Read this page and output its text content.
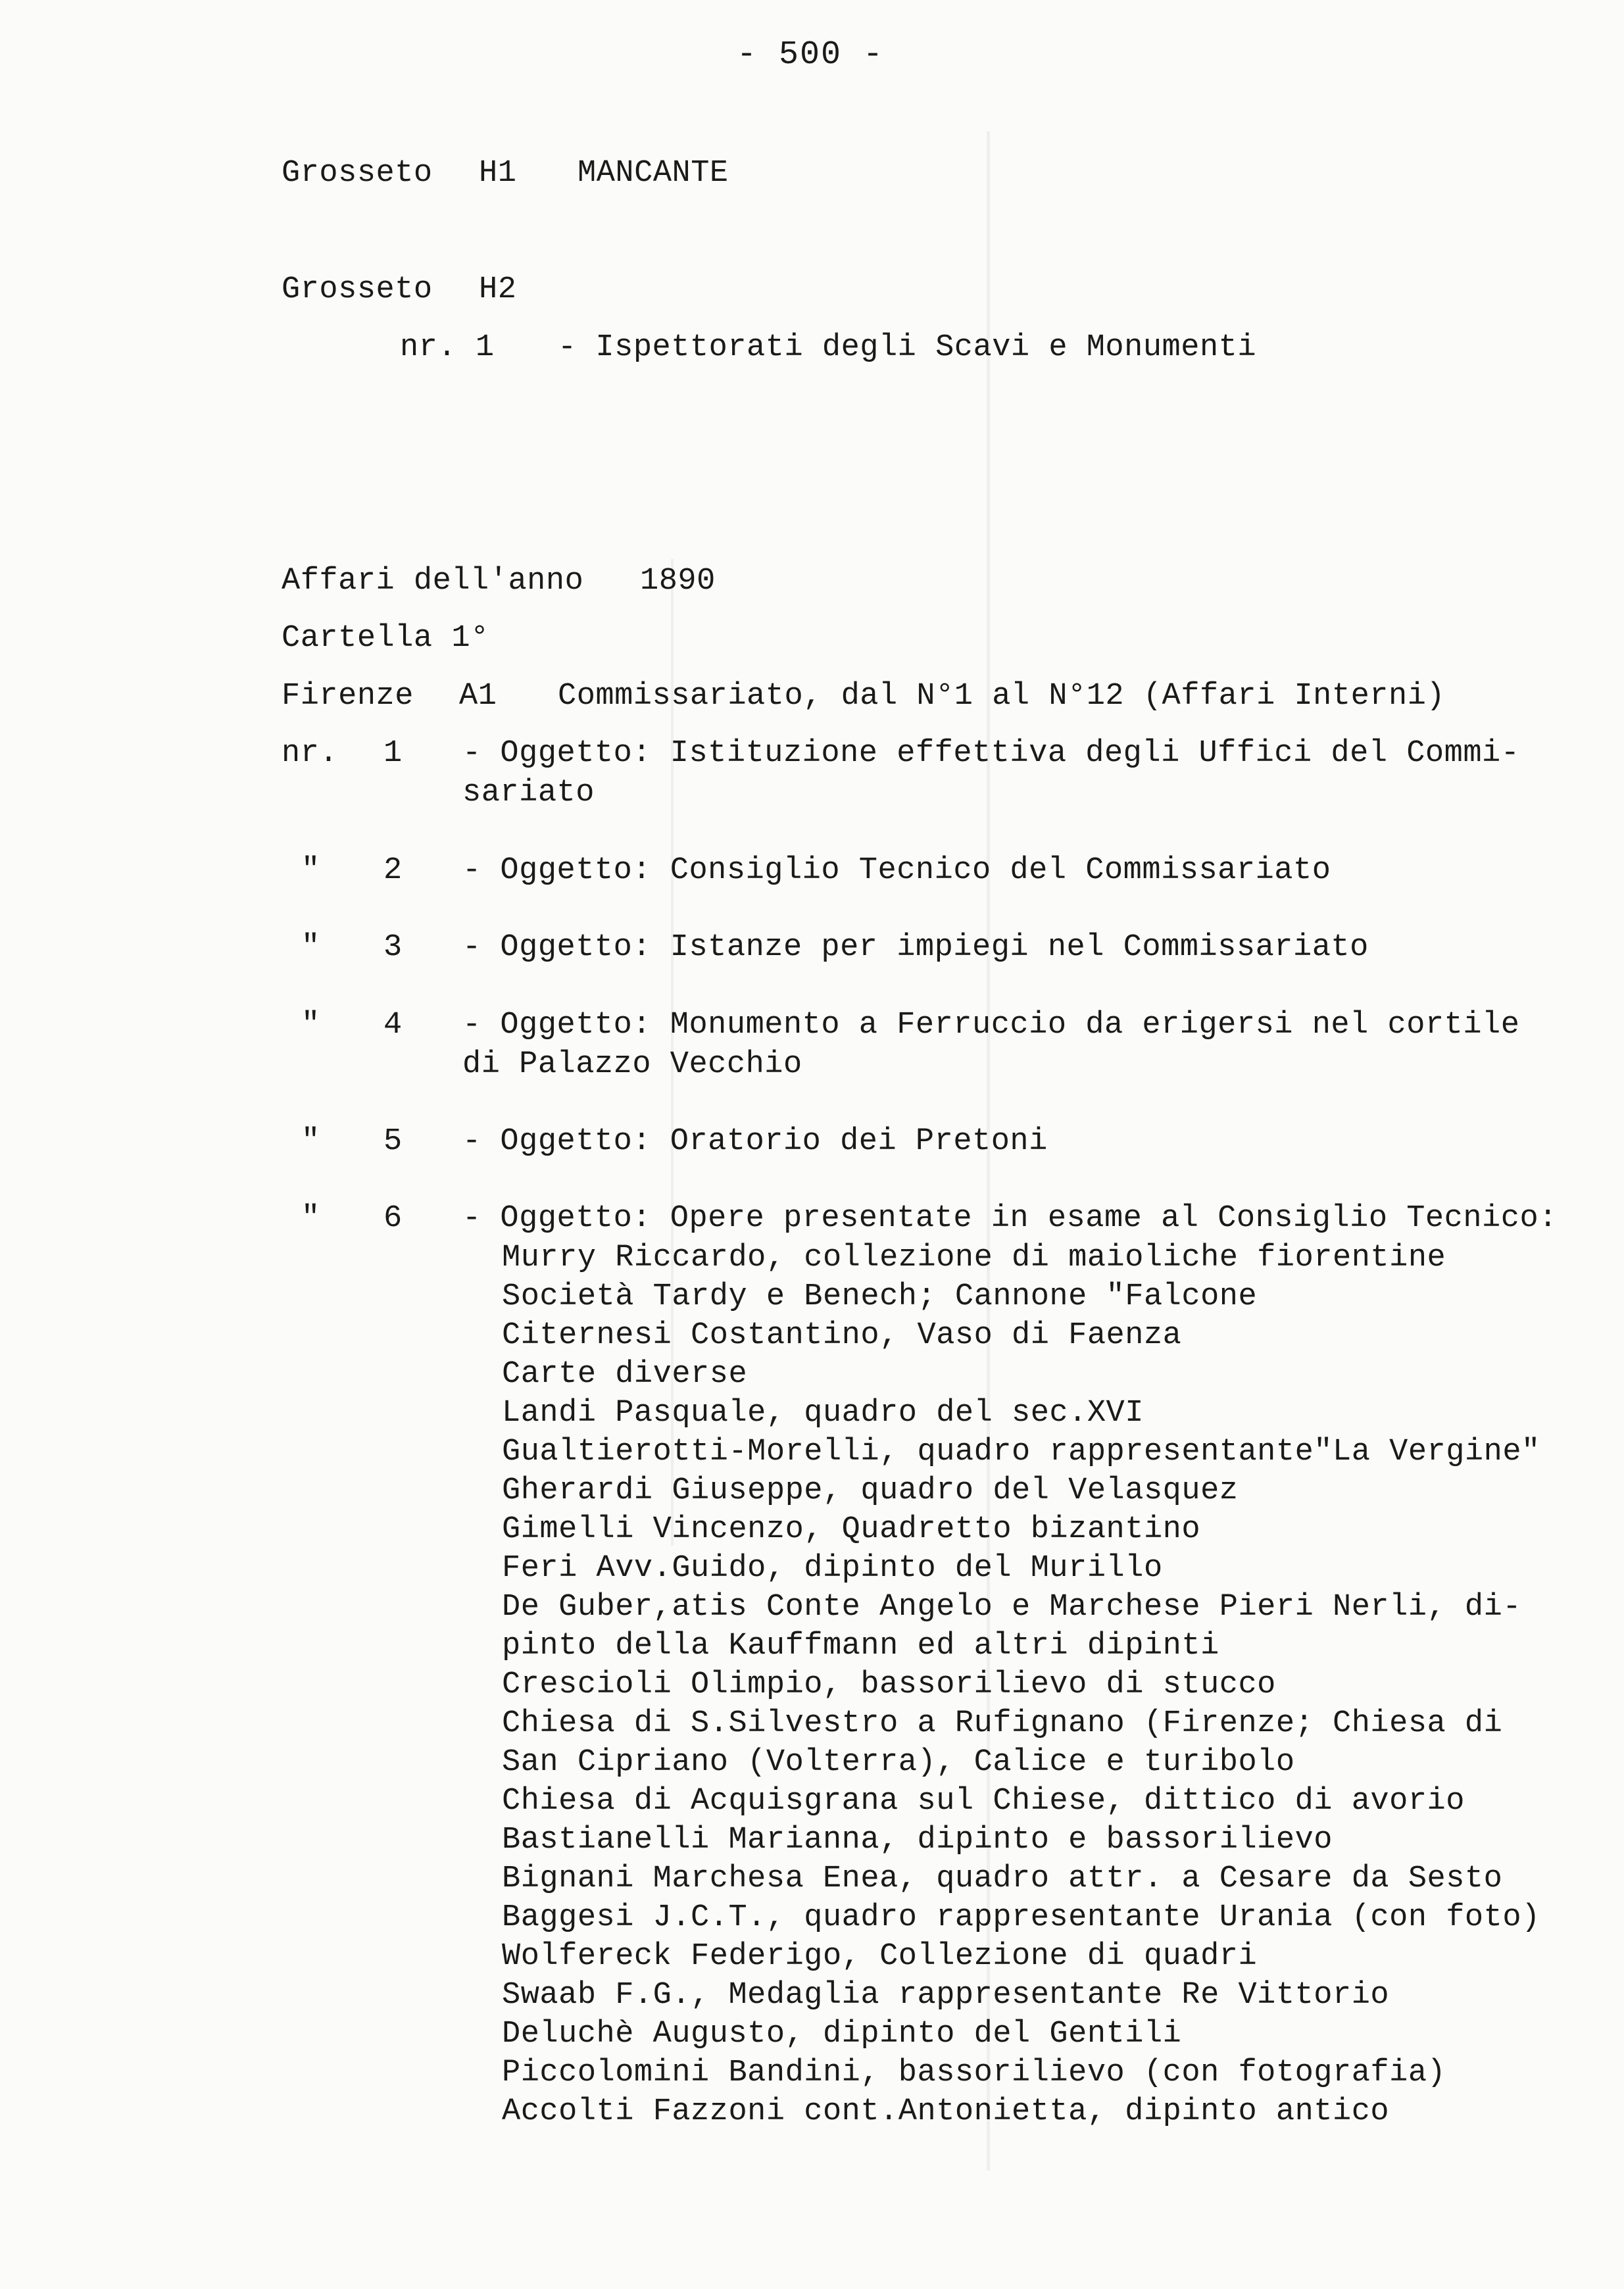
- 500 -
Grosseto H1 MANCANTE
Grosseto H2
nr. 1 - Ispettorati degli Scavi e Monumenti
Affari dell'anno 1890
Cartella 1°
Firenze A1 Commissariato, dal N°1 al N°12 (Affari Interni)
nr. 1 - Oggetto: Istituzione effettiva degli Uffici del Commi-
sariato
" 2 - Oggetto: Consiglio Tecnico del Commissariato
" 3 - Oggetto: Istanze per impiegi nel Commissariato
" 4 - Oggetto: Monumento a Ferruccio da erigersi nel cortile
di Palazzo Vecchio
" 5 - Oggetto: Oratorio dei Pretoni
" 6 - Oggetto: Opere presentate in esame al Consiglio Tecnico:
Murry Riccardo, collezione di maioliche fiorentine
Società Tardy e Benech; Cannone "Falcone
Citernesi Costantino, Vaso di Faenza
Carte diverse
Landi Pasquale, quadro del sec.XVI
Gualtierotti-Morelli, quadro rappresentante"La Vergine"
Gherardi Giuseppe, quadro del Velasquez
Gimelli Vincenzo, Quadretto bizantino
Feri Avv.Guido, dipinto del Murillo
De Guber,atis Conte Angelo e Marchese Pieri Nerli, di-
pinto della Kauffmann ed altri dipinti
Crescioli Olimpio, bassorilievo di stucco
Chiesa di S.Silvestro a Rufignano (Firenze; Chiesa di
San Cipriano (Volterra), Calice e turibolo
Chiesa di Acquisgrana sul Chiese, dittico di avorio
Bastianelli Marianna, dipinto e bassorilievo
Bignani Marchesa Enea, quadro attr. a Cesare da Sesto
Baggesi J.C.T., quadro rappresentante Urania (con foto)
Wolfereck Federigo, Collezione di quadri
Swaab F.G., Medaglia rappresentante Re Vittorio
Deluchè Augusto, dipinto del Gentili
Piccolomini Bandini, bassorilievo (con fotografia)
Accolti Fazzoni cont.Antonietta, dipinto antico
